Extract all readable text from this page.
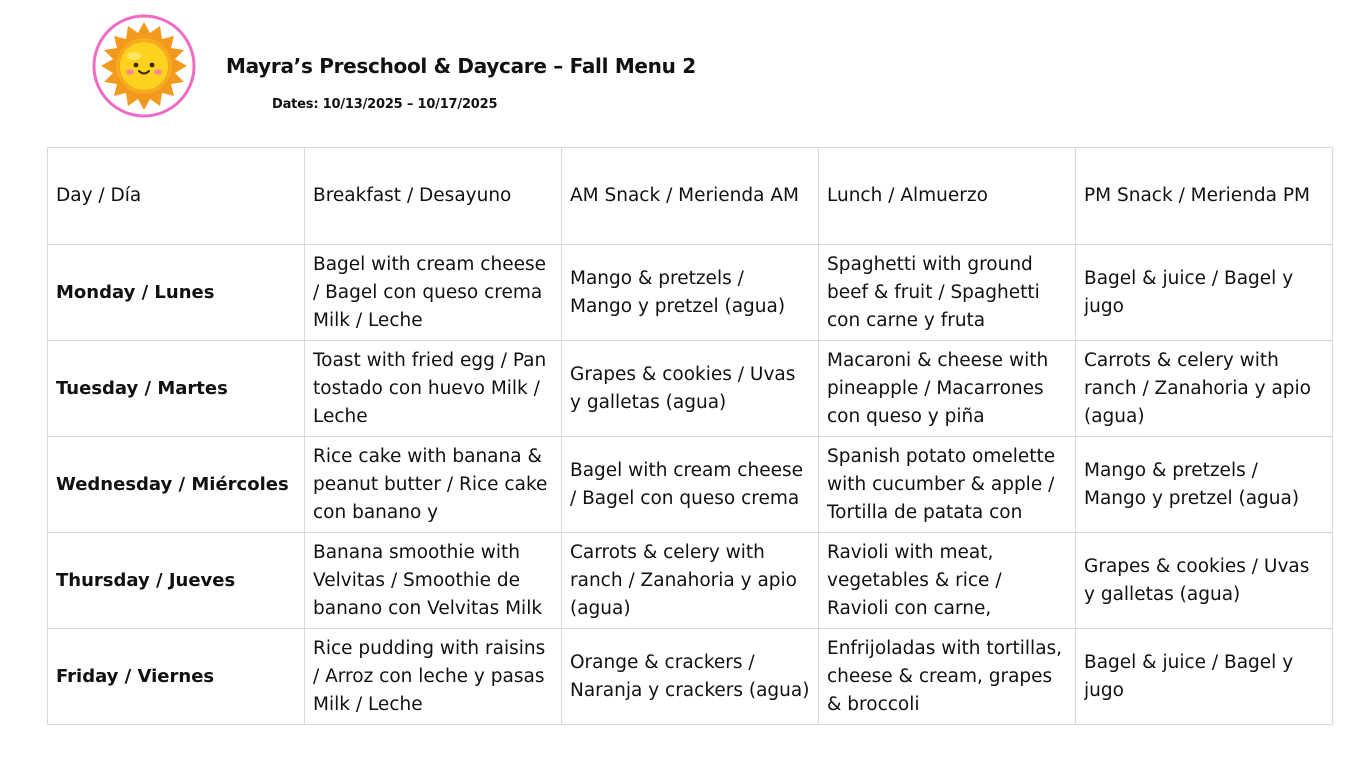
Mayra’s Preschool & Daycare – Fall Menu 2
Dates: 10/13/2025 – 10/17/2025
Day / Día	Breakfast / Desayuno	AM Snack / Merienda AM	Lunch / Almuerzo	PM Snack / Merienda PM
Monday / Lunes	Bagel with cream cheese / Bagel con queso crema Milk / Leche	Mango & pretzels / Mango y pretzel (agua)	Spaghetti with ground beef & fruit / Spaghetti con carne y fruta	Bagel & juice / Bagel y jugo

Tuesday / Martes	Toast with fried egg / Pan tostado con huevo Milk / Leche	Grapes & cookies / Uvas y galletas (agua)	Macaroni & cheese with pineapple / Macarrones con queso y piña	Carrots & celery with ranch / Zanahoria y apio (agua)

Wednesday / Miércoles	Rice cake with banana & peanut butter / Rice cake con banano y	Bagel with cream cheese / Bagel con queso crema	Spanish potato omelette with cucumber & apple / Tortilla de patata con	Mango & pretzels / Mango y pretzel (agua)

Thursday / Jueves	Banana smoothie with Velvitas / Smoothie de banano con Velvitas Milk	Carrots & celery with ranch / Zanahoria y apio (agua)	Ravioli with meat, vegetables & rice / Ravioli con carne,	Grapes & cookies / Uvas y galletas (agua)

Friday / Viernes	Rice pudding with raisins / Arroz con leche y pasas Milk / Leche	Orange & crackers / Naranja y crackers (agua)	Enfrijoladas with tortillas, cheese & cream, grapes & broccoli	Bagel & juice / Bagel y jugo
